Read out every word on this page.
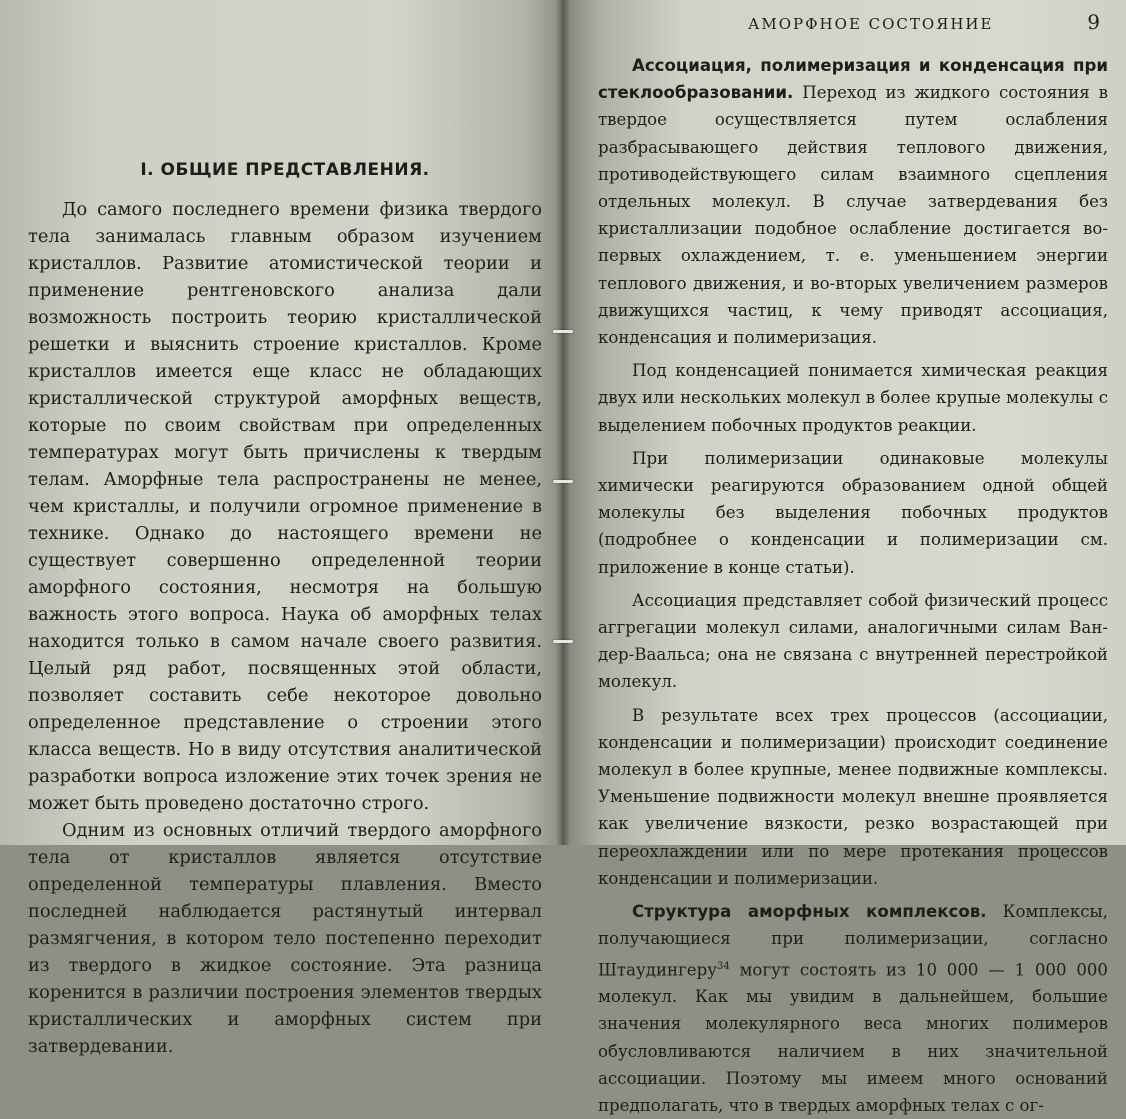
I. ОБЩИЕ ПРЕДСТАВЛЕНИЯ.

До самого последнего времени физика твердого тела занималась главным образом изучением кристаллов. Развитие атомистической теории и применение рентгеновского анализа дали возможность построить теорию кристаллической решетки и выяснить строение кристаллов. Кроме кристаллов имеется еще класс не обладающих кристаллической структурой аморфных веществ, которые по своим свойствам при определенных температурах могут быть причислены к твердым телам. Аморфные тела распространены не менее, чем кристаллы, и получили огромное применение в технике. Однако до настоящего времени не существует совершенно определенной теории аморфного состояния, несмотря на большую важность этого вопроса. Наука об аморфных телах находится только в самом начале своего развития. Целый ряд работ, посвященных этой области, позволяет составить себе некоторое довольно определенное представление о строении этого класса веществ. Но в виду отсутствия аналитической разработки вопроса изложение этих точек зрения не может быть проведено достаточно строго.

Одним из основных отличий твердого аморфного тела от кристаллов является отсутствие определенной температуры плавления. Вместо последней наблюдается растянутый интервал размягчения, в котором тело постепенно переходит из твердого в жидкое состояние. Эта разница коренится в различии построения элементов твердых кристаллических и аморфных систем при затвердевании.

АМОРФНОЕ СОСТОЯНИЕ	9

Ассоциация, полимеризация и конденсация при стеклообразовании. Переход из жидкого состояния в твердое осуществляется путем ослабления разбрасывающего действия теплового движения, противодействующего силам взаимного сцепления отдельных молекул. В случае затвердевания без кристаллизации подобное ослабление достигается во-первых охлаждением, т. е. уменьшением энергии теплового движения, и во-вторых увеличением размеров движущихся частиц, к чему приводят ассоциация, конденсация и полимеризация.

Под конденсацией понимается химическая реакция двух или нескольких молекул в более крупые молекулы с выделением побочных продуктов реакции.

При полимеризации одинаковые молекулы химически реагируются образованием одной общей молекулы без выделения побочных продуктов (подробнее о конденсации и полимеризации см. приложение в конце статьи).

Ассоциация представляет собой физический процесс аггрегации молекул силами, аналогичными силам Ван-дер-Ваальса; она не связана с внутренней перестройкой молекул.

В результате всех трех процессов (ассоциации, конденсации и полимеризации) происходит соединение молекул в более крупные, менее подвижные комплексы. Уменьшение подвижности молекул внешне проявляется как увеличение вязкости, резко возрастающей при переохлаждении или по мере протекания процессов конденсации и полимеризации.

Структура аморфных комплексов. Комплексы, получающиеся при полимеризации, согласно Штаудингеру$^{34}$ могут состоять из 10 000 — 1 000 000 молекул. Как мы увидим в дальнейшем, большие значения молекулярного веса многих полимеров обусловливаются наличием в них значительной ассоциации. Поэтому мы имеем много оснований предполагать, что в твердых аморфных телах с ог-
